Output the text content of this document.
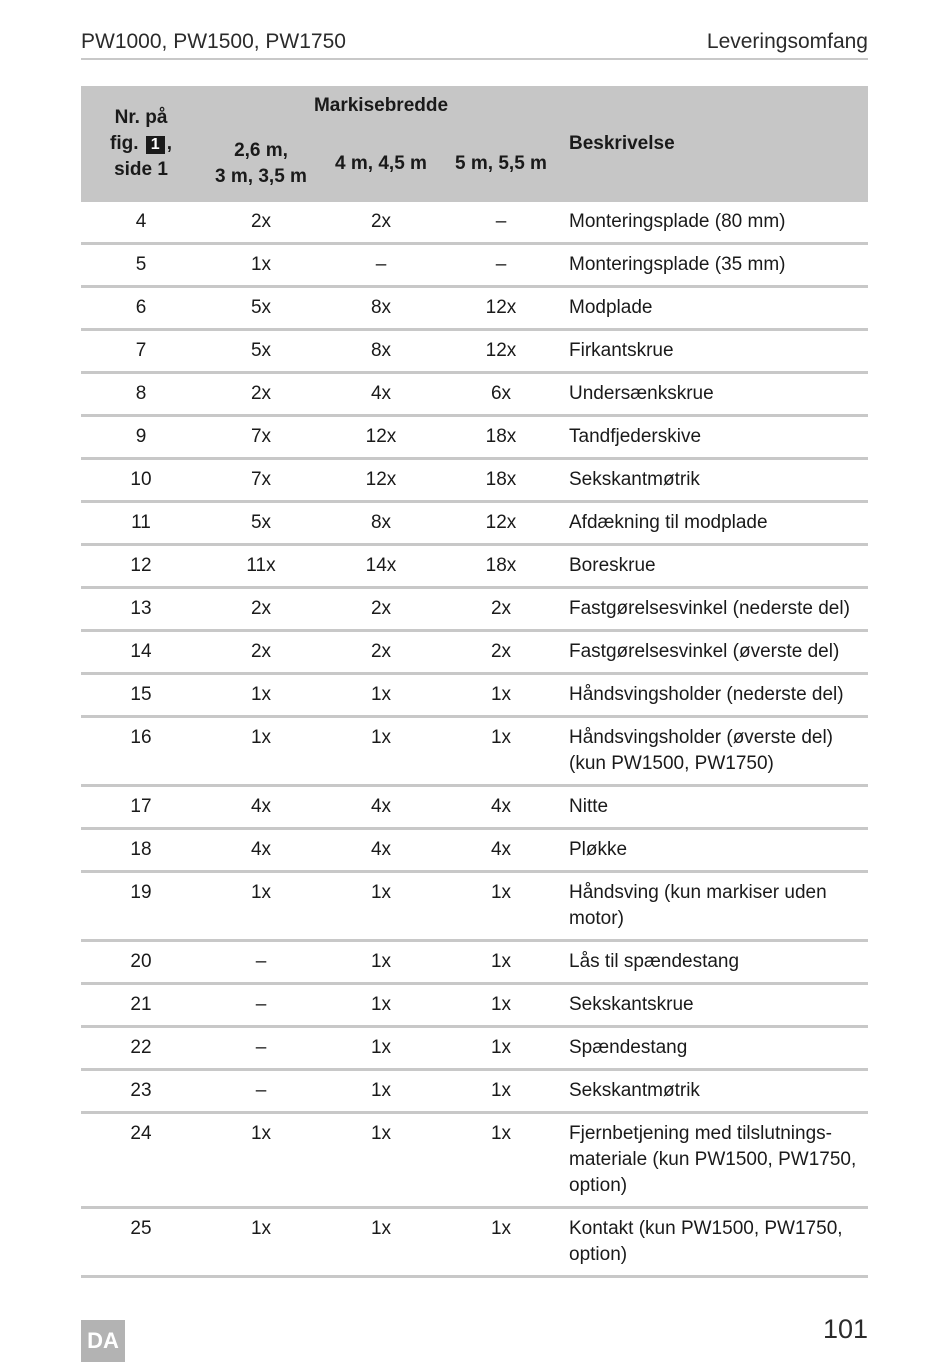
PW1000, PW1500, PW1750	Leveringsomfang
Nr. på
fig. 1 ,
side 1	Markisebredde			Beskrivelse

	2,6 m,
3 m, 3,5 m	4 m, 4,5 m	5 m, 5,5 m	

4	2x	2x	–	Monteringsplade (80 mm)

5	1x	–	–	Monteringsplade (35 mm)

6	5x	8x	12x	Modplade

7	5x	8x	12x	Firkantskrue

8	2x	4x	6x	Undersænkskrue

9	7x	12x	18x	Tandfjederskive

10	7x	12x	18x	Sekskantmøtrik

11	5x	8x	12x	Afdækning til modplade

12	11x	14x	18x	Boreskrue

13	2x	2x	2x	Fastgørelsesvinkel (nederste del)

14	2x	2x	2x	Fastgørelsesvinkel (øverste del)

15	1x	1x	1x	Håndsvingsholder (nederste del)

16	1x	1x	1x	Håndsvingsholder (øverste del)
(kun PW1500, PW1750)

17	4x	4x	4x	Nitte

18	4x	4x	4x	Pløkke

19	1x	1x	1x	Håndsving (kun markiser uden
motor)

20	–	1x	1x	Lås til spændestang

21	–	1x	1x	Sekskantskrue

22	–	1x	1x	Spændestang

23	–	1x	1x	Sekskantmøtrik

24	1x	1x	1x	Fjernbetjening med tilslutnings-
materiale (kun PW1500, PW1750,
option)

25	1x	1x	1x	Kontakt (kun PW1500, PW1750,
option)
DA	101
